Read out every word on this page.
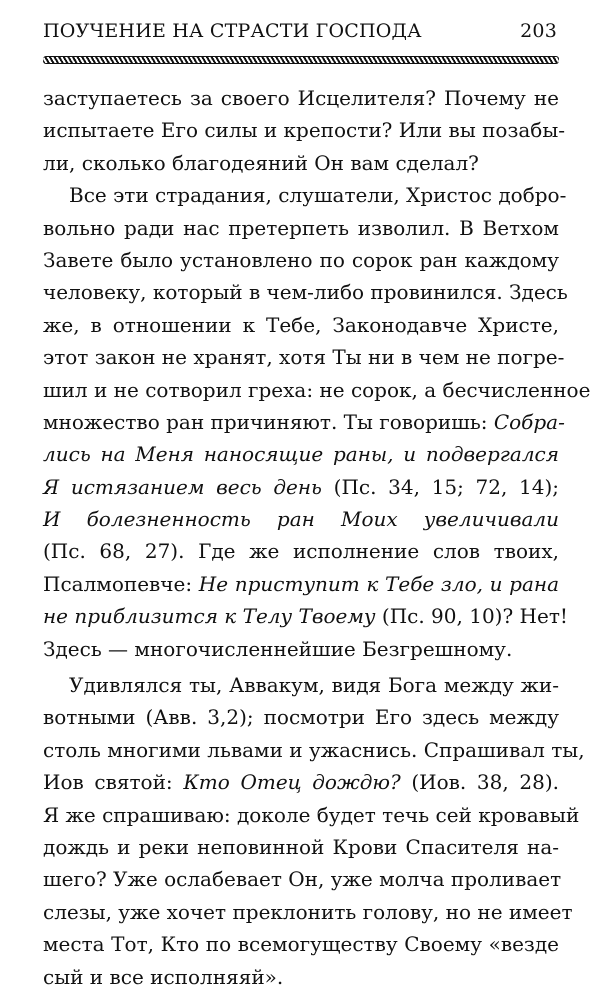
ПОУЧЕНИЕ НА СТРАСТИ ГОСПОДА	203
заступаетесь за своего Исцелителя? Почему не
испытаете Его силы и крепости? Или вы позабы-
ли, сколько благодеяний Он вам сделал?
Все эти страдания, слушатели, Христос добро-
вольно ради нас претерпеть изволил. В Ветхом
Завете было установлено по сорок ран каждому
человеку, который в чем-либо провинился. Здесь
же, в отношении к Тебе, Законодавче Христе,
этот закон не хранят, хотя Ты ни в чем не погре-
шил и не сотворил греха: не сорок, а бесчисленное
множество ран причиняют. Ты говоришь: Собра-
лись на Меня наносящие раны, и подвергался
Я истязанием весь день (Пс. 34, 15; 72, 14);
И болезненность ран Моих увеличивали
(Пс. 68, 27). Где же исполнение слов твоих,
Псалмопевче: Не приступит к Тебе зло, и рана
не приблизится к Телу Твоему (Пс. 90, 10)? Нет!
Здесь — многочисленнейшие Безгрешному.
Удивлялся ты, Аввакум, видя Бога между жи-
вотными (Авв. 3,2); посмотри Его здесь между
столь многими львами и ужаснись. Спрашивал ты,
Иов святой: Кто Отец дождю? (Иов. 38, 28).
Я же спрашиваю: доколе будет течь сей кровавый
дождь и реки неповинной Крови Спасителя на-
шего? Уже ослабевает Он, уже молча проливает
слезы, уже хочет преклонить голову, но не имеет
места Тот, Кто по всемогуществу Своему «везде
сый и все исполняяй».
